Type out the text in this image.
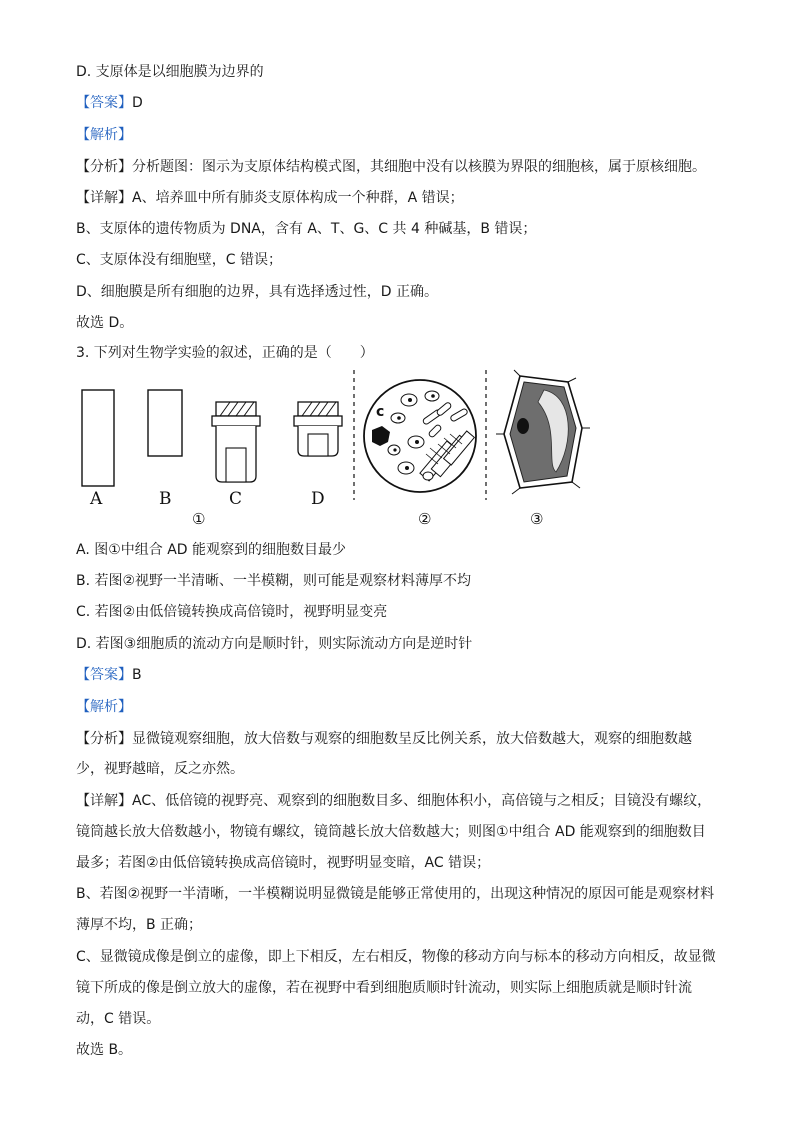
D. 支原体是以细胞膜为边界的
【答案】D
【解析】
【分析】分析题图：图示为支原体结构模式图，其细胞中没有以核膜为界限的细胞核，属于原核细胞。
【详解】A、培养皿中所有肺炎支原体构成一个种群，A 错误；
B、支原体的遗传物质为 DNA，含有 A、T、G、C 共 4 种碱基，B 错误；
C、支原体没有细胞壁，C 错误；
D、细胞膜是所有细胞的边界，具有选择透过性，D 正确。
故选 D。
3. 下列对生物学实验的叙述，正确的是（　　）
A	B	C	D
c
①	②	③
A. 图①中组合 AD 能观察到的细胞数目最少
B. 若图②视野一半清晰、一半模糊，则可能是观察材料薄厚不均
C. 若图②由低倍镜转换成高倍镜时，视野明显变亮
D. 若图③细胞质的流动方向是顺时针，则实际流动方向是逆时针
【答案】B
【解析】
【分析】显微镜观察细胞，放大倍数与观察的细胞数呈反比例关系，放大倍数越大，观察的细胞数越
少，视野越暗，反之亦然。
【详解】AC、低倍镜的视野亮、观察到的细胞数目多、细胞体积小，高倍镜与之相反；目镜没有螺纹，
镜筒越长放大倍数越小，物镜有螺纹，镜筒越长放大倍数越大；则图①中组合 AD 能观察到的细胞数目
最多；若图②由低倍镜转换成高倍镜时，视野明显变暗，AC 错误；
B、若图②视野一半清晰，一半模糊说明显微镜是能够正常使用的，出现这种情况的原因可能是观察材料
薄厚不均，B 正确；
C、显微镜成像是倒立的虚像，即上下相反，左右相反，物像的移动方向与标本的移动方向相反，故显微
镜下所成的像是倒立放大的虚像，若在视野中看到细胞质顺时针流动，则实际上细胞质就是顺时针流
动，C 错误。
故选 B。
